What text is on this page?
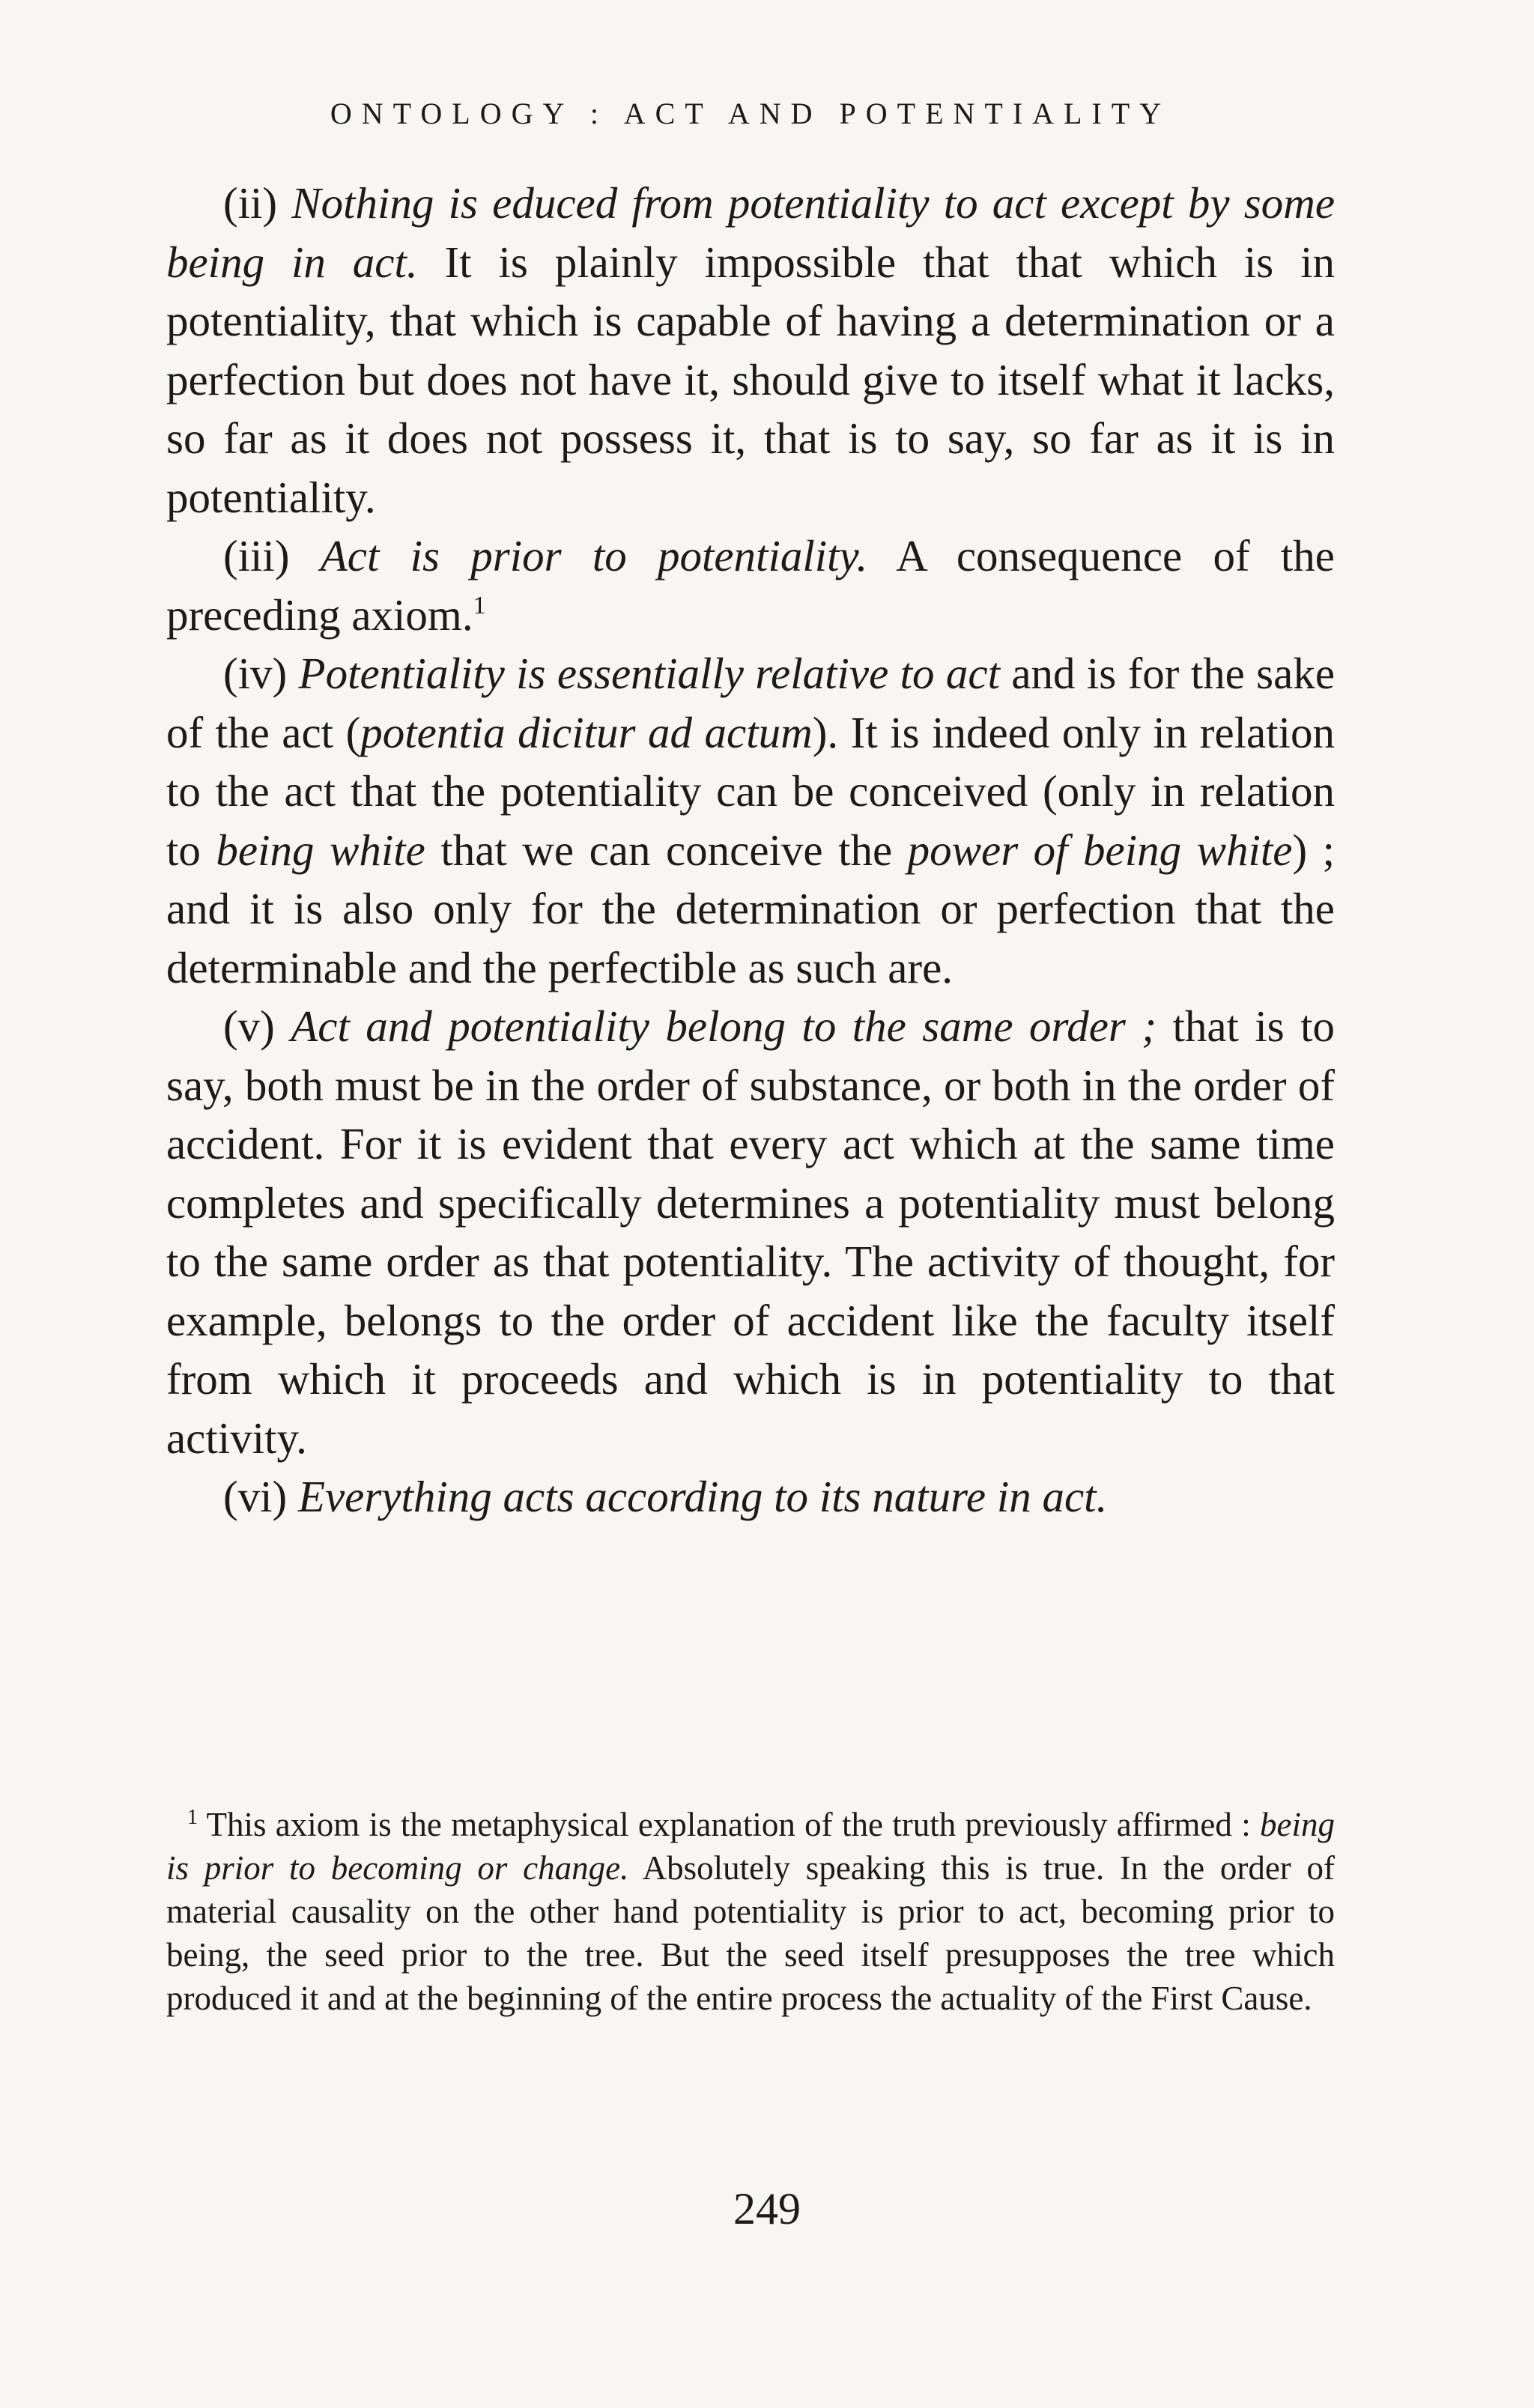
ONTOLOGY : ACT AND POTENTIALITY

(ii) Nothing is educed from potentiality to act except by some being in act. It is plainly impossible that that which is in potentiality, that which is capable of having a determination or a perfection but does not have it, should give to itself what it lacks, so far as it does not possess it, that is to say, so far as it is in potentiality.

(iii) Act is prior to potentiality. A consequence of the preceding axiom.$^1$

(iv) Potentiality is essentially relative to act and is for the sake of the act (potentia dicitur ad actum). It is indeed only in relation to the act that the potentiality can be conceived (only in relation to being white that we can conceive the power of being white) ; and it is also only for the determination or perfection that the determinable and the perfectible as such are.

(v) Act and potentiality belong to the same order ; that is to say, both must be in the order of substance, or both in the order of accident. For it is evident that every act which at the same time completes and specifically determines a potentiality must belong to the same order as that potentiality. The activity of thought, for example, belongs to the order of accident like the faculty itself from which it proceeds and which is in potentiality to that activity.

(vi) Everything acts according to its nature in act.

$^1$ This axiom is the metaphysical explanation of the truth previously affirmed : being is prior to becoming or change. Absolutely speaking this is true. In the order of material causality on the other hand potentiality is prior to act, becoming prior to being, the seed prior to the tree. But the seed itself presupposes the tree which produced it and at the beginning of the entire process the actuality of the First Cause.

249
